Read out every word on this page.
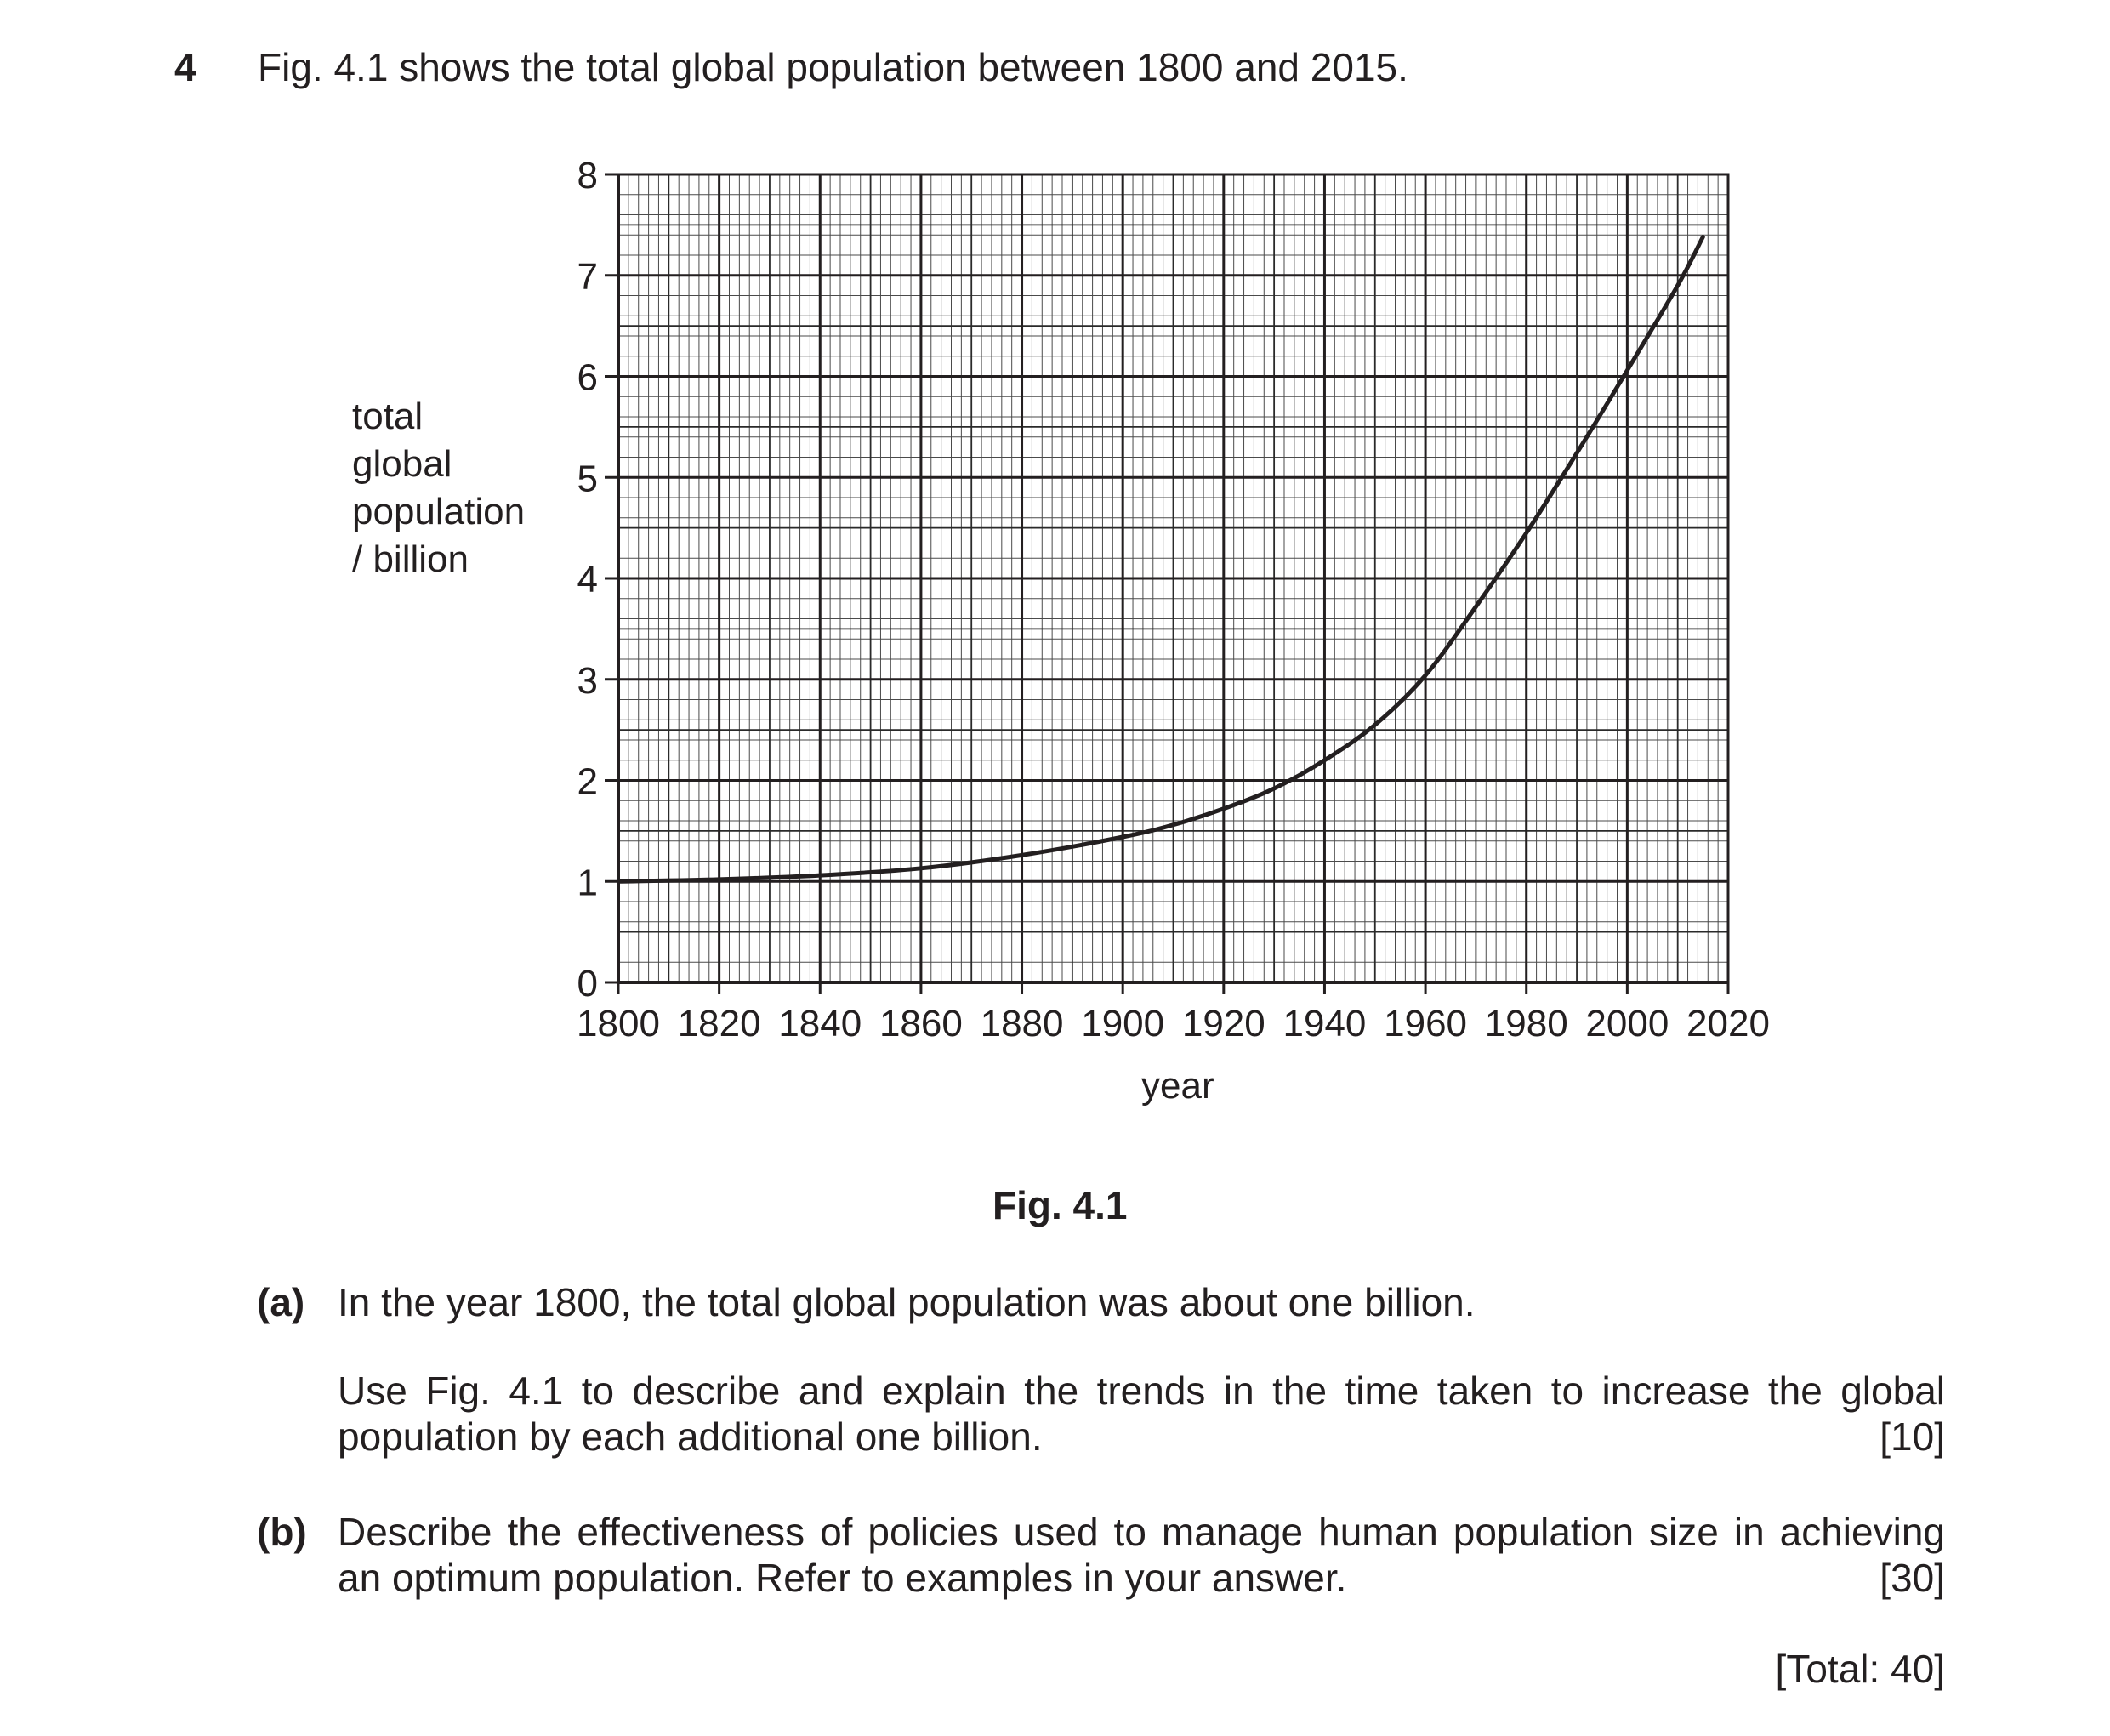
4 Fig. 4.1 shows the total global population between 1800 and 2015.
1800 1820 1840 1860 1880 1900 1920 1940 1960 1980 2000 2020
0
1
2
3
4
5
6
7
8
total
global
population
/ billion
year
Fig. 4.1
(a) In the year 1800, the total global population was about one billion.
Use Fig. 4.1 to describe and explain the trends in the time taken to increase the global population by each additional one billion.	[10]
(b) Describe the effectiveness of policies used to manage human population size in achieving an optimum population. Refer to examples in your answer.	[30]
[Total: 40]
